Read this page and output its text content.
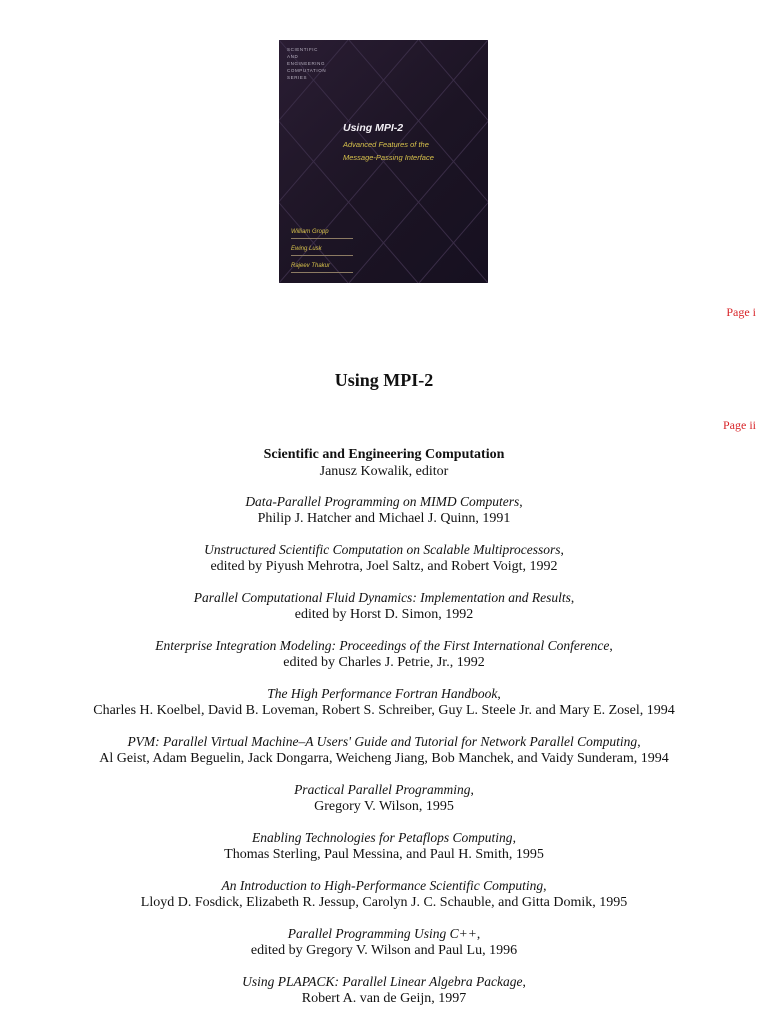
SCIENTIFIC
AND
ENGINEERING
COMPUTATION
SERIES
Using MPI-2
Advanced Features of the
Message-Passing Interface
William Gropp
Ewing Lusk
Rajeev Thakur
Page i
Using MPI-2
Page ii
Scientific and Engineering Computation
Janusz Kowalik, editor
Data-Parallel Programming on MIMD Computers,
Philip J. Hatcher and Michael J. Quinn, 1991
Unstructured Scientific Computation on Scalable Multiprocessors,
edited by Piyush Mehrotra, Joel Saltz, and Robert Voigt, 1992
Parallel Computational Fluid Dynamics: Implementation and Results,
edited by Horst D. Simon, 1992
Enterprise Integration Modeling: Proceedings of the First International Conference,
edited by Charles J. Petrie, Jr., 1992
The High Performance Fortran Handbook,
Charles H. Koelbel, David B. Loveman, Robert S. Schreiber, Guy L. Steele Jr. and Mary E. Zosel, 1994
PVM: Parallel Virtual Machine–A Users' Guide and Tutorial for Network Parallel Computing,
Al Geist, Adam Beguelin, Jack Dongarra, Weicheng Jiang, Bob Manchek, and Vaidy Sunderam, 1994
Practical Parallel Programming,
Gregory V. Wilson, 1995
Enabling Technologies for Petaflops Computing,
Thomas Sterling, Paul Messina, and Paul H. Smith, 1995
An Introduction to High-Performance Scientific Computing,
Lloyd D. Fosdick, Elizabeth R. Jessup, Carolyn J. C. Schauble, and Gitta Domik, 1995
Parallel Programming Using C++,
edited by Gregory V. Wilson and Paul Lu, 1996
Using PLAPACK: Parallel Linear Algebra Package,
Robert A. van de Geijn, 1997
